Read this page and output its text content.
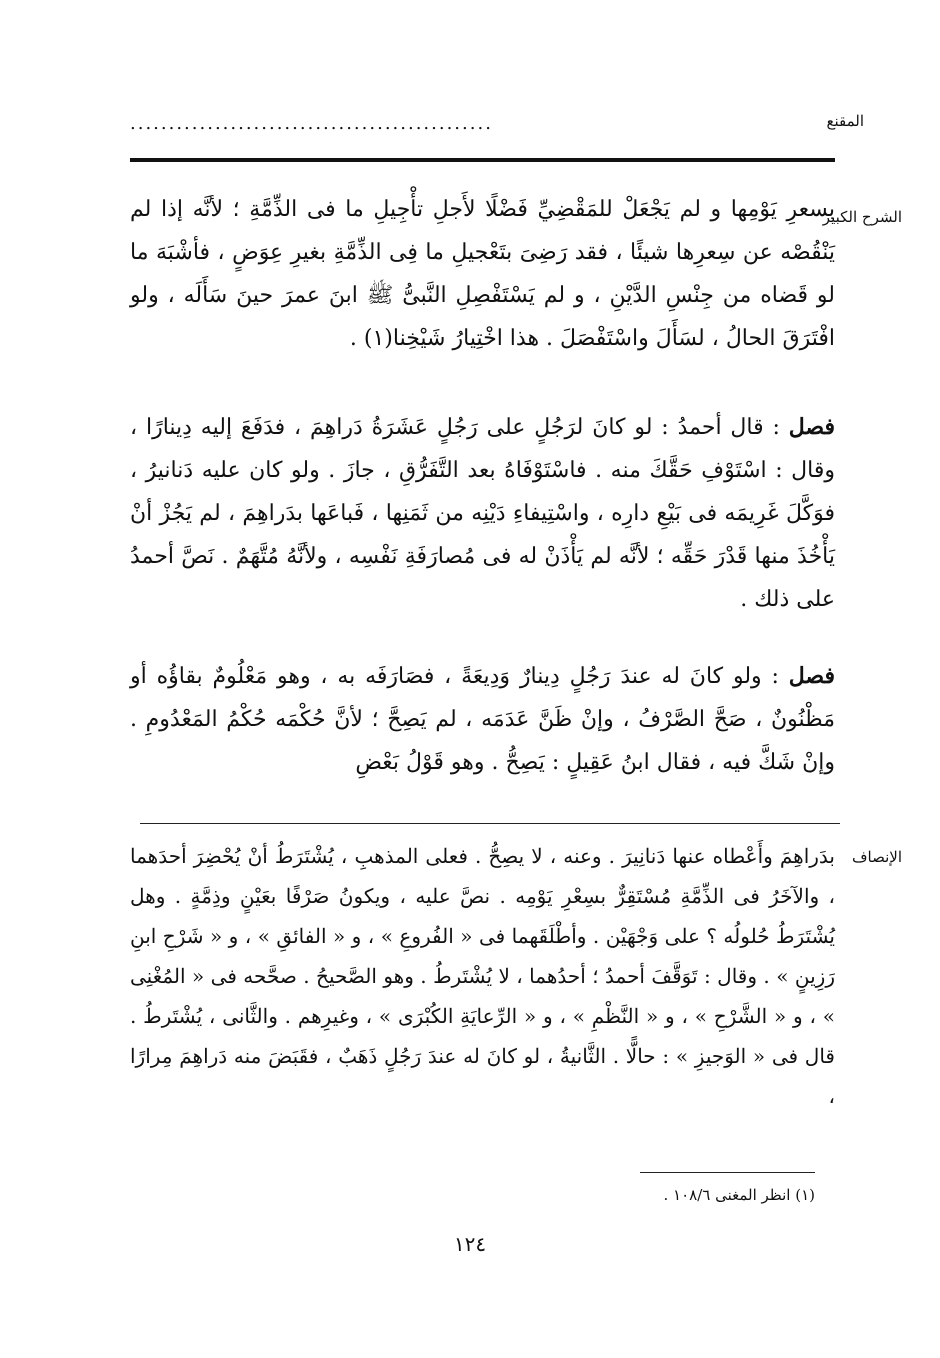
المقنع
...............................................
الشرح الكبير

بسعرِ يَوْمِها و لم يَجْعَلْ للمَقْضِيِّ فَضْلًا لأَجلِ تأْجِيلِ ما فى الذِّمَّةِ ؛ لأنَّه إذا لم يَنْقُصْه عن سِعرِها شيئًا ، فقد رَضِىَ بتَعْجيلِ ما فِى الذِّمَّةِ بغيرِ عِوَضٍ ، فأشْبَهَ ما لو قَضاه من جِنْسِ الدَّيْنِ ، و لم يَسْتَفْصِلِ النَّبىُّ ﷺ ابنَ عمرَ حينَ سَأَلَه ، ولو افْتَرَقَ الحالُ ، لسَأَلَ واسْتَفْصَلَ . هذا اخْتِيارُ شَيْخِنا(١) .

فصل : قال أحمدُ : لو كانَ لرَجُلٍ على رَجُلٍ عَشَرَةُ دَراهِمَ ، فدَفَعَ إليه دِينارًا ، وقال : اسْتَوْفِ حَقَّكَ منه . فاسْتَوْفَاهُ بعد التَّفَرُّقِ ، جازَ . ولو كان عليه دَنانيرُ ، فوَكَّلَ غَرِيمَه فى بَيْعِ دارِه ، واسْتِيفاءِ دَيْنِه من ثَمَنِها ، فَباعَها بدَراهِمَ ، لم يَجُزْ أنْ يَأْخُذَ منها قَدْرَ حَقِّه ؛ لأنَّه لم يَأْذَنْ له فى مُصارَفَةِ نَفْسِه ، ولأنَّهُ مُتَّهَمٌ . نَصَّ أحمدُ على ذلك .

فصل : ولو كانَ له عندَ رَجُلٍ دِينارٌ وَدِيعَةً ، فصَارَفَه به ، وهو مَعْلُومٌ بقاؤُه أو مَظْنُونٌ ، صَحَّ الصَّرْفُ ، وإنْ ظَنَّ عَدَمَه ، لم يَصِحَّ ؛ لأنَّ حُكْمَه حُكْمُ المَعْدُومِ . وإنْ شَكَّ فيه ، فقال ابنُ عَقِيلٍ : يَصِحُّ . وهو قَوْلُ بَعْضِ

الإنصاف
بدَراهِمَ وأَعْطاه عنها دَنانِيرَ . وعنه ، لا يصِحُّ . فعلى المذهبِ ، يُشْتَرَطُ أنْ يُحْضِرَ أحدَهما ، والآخَرُ فى الذِّمَّةِ مُسْتَقِرٌّ بسِعْرِ يَوْمِه . نصَّ عليه ، ويكونُ صَرْفًا بعَيْنٍ وذِمَّةٍ . وهل يُشْتَرَطُ حُلولُه ؟ على وَجْهَيْن . وأطْلَقَهما فى « الفُروعِ » ، و « الفائقِ » ، و « شَرْحِ ابنِ رَزِينٍ » . وقال : تَوَقَّفَ أحمدُ ؛ أحدُهما ، لا يُشْتَرطُ . وهو الصَّحيحُ . صحَّحه فى « المُغْنِى » ، و « الشَّرْحِ » ، و « النَّظْمِ » ، و « الرِّعايَةِ الكُبْرَى » ، وغيرِهم . والثَّانى ، يُشْتَرطُ . قال فى « الوَجيزِ » : حالًّا . الثَّانيةُ ، لو كانَ له عندَ رَجُلٍ ذَهَبٌ ، فقَبَضَ منه دَراهِمَ مِرارًا ،
(١) انظر المغنى ١٠٨/٦ .
١٢٤
